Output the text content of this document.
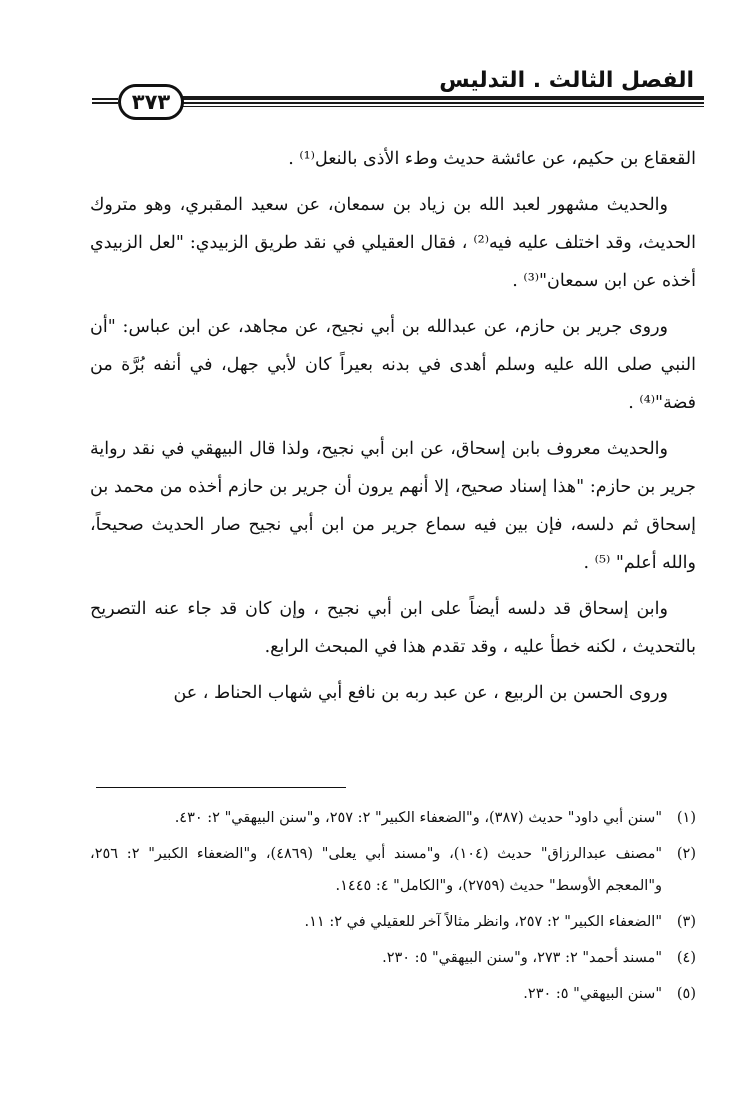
الفصل الثالث . التدليس
٣٧٣

القعقاع بن حكيم، عن عائشة حديث وطء الأذى بالنعل⁽¹⁾ .

والحديث مشهور لعبد الله بن زياد بن سمعان، عن سعيد المقبري، وهو متروك الحديث، وقد اختلف عليه فيه⁽²⁾ ، فقال العقيلي في نقد طريق الزبيدي: "لعل الزبيدي أخذه عن ابن سمعان"⁽³⁾ .

وروى جرير بن حازم، عن عبدالله بن أبي نجيح، عن مجاهد، عن ابن عباس: "أن النبي صلى الله عليه وسلم أهدى في بدنه بعيراً كان لأبي جهل، في أنفه بُرَّة من فضة"⁽⁴⁾ .

والحديث معروف بابن إسحاق، عن ابن أبي نجيح، ولذا قال البيهقي في نقد رواية جرير بن حازم: "هذا إسناد صحيح، إلا أنهم يرون أن جرير بن حازم أخذه من محمد بن إسحاق ثم دلسه، فإن بين فيه سماع جرير من ابن أبي نجيح صار الحديث صحيحاً، والله أعلم" ⁽⁵⁾ .

وابن إسحاق قد دلسه أيضاً على ابن أبي نجيح ، وإن كان قد جاء عنه التصريح بالتحديث ، لكنه خطأ عليه ، وقد تقدم هذا في المبحث الرابع.

وروى الحسن بن الربيع ، عن عبد ربه بن نافع أبي شهاب الحناط ، عن

(١)
"سنن أبي داود" حديث (٣٨٧)، و"الضعفاء الكبير" ٢: ٢٥٧، و"سنن البيهقي" ٢: ٤٣٠.
(٢)
"مصنف عبدالرزاق" حديث (١٠٤)، و"مسند أبي يعلى" (٤٨٦٩)، و"الضعفاء الكبير" ٢: ٢٥٦، و"المعجم الأوسط" حديث (٢٧٥٩)، و"الكامل" ٤: ١٤٤٥.
(٣)
"الضعفاء الكبير" ٢: ٢٥٧، وانظر مثالاً آخر للعقيلي في ٢: ١١.
(٤)
"مسند أحمد" ٢: ٢٧٣، و"سنن البيهقي" ٥: ٢٣٠.
(٥)
"سنن البيهقي" ٥: ٢٣٠.
